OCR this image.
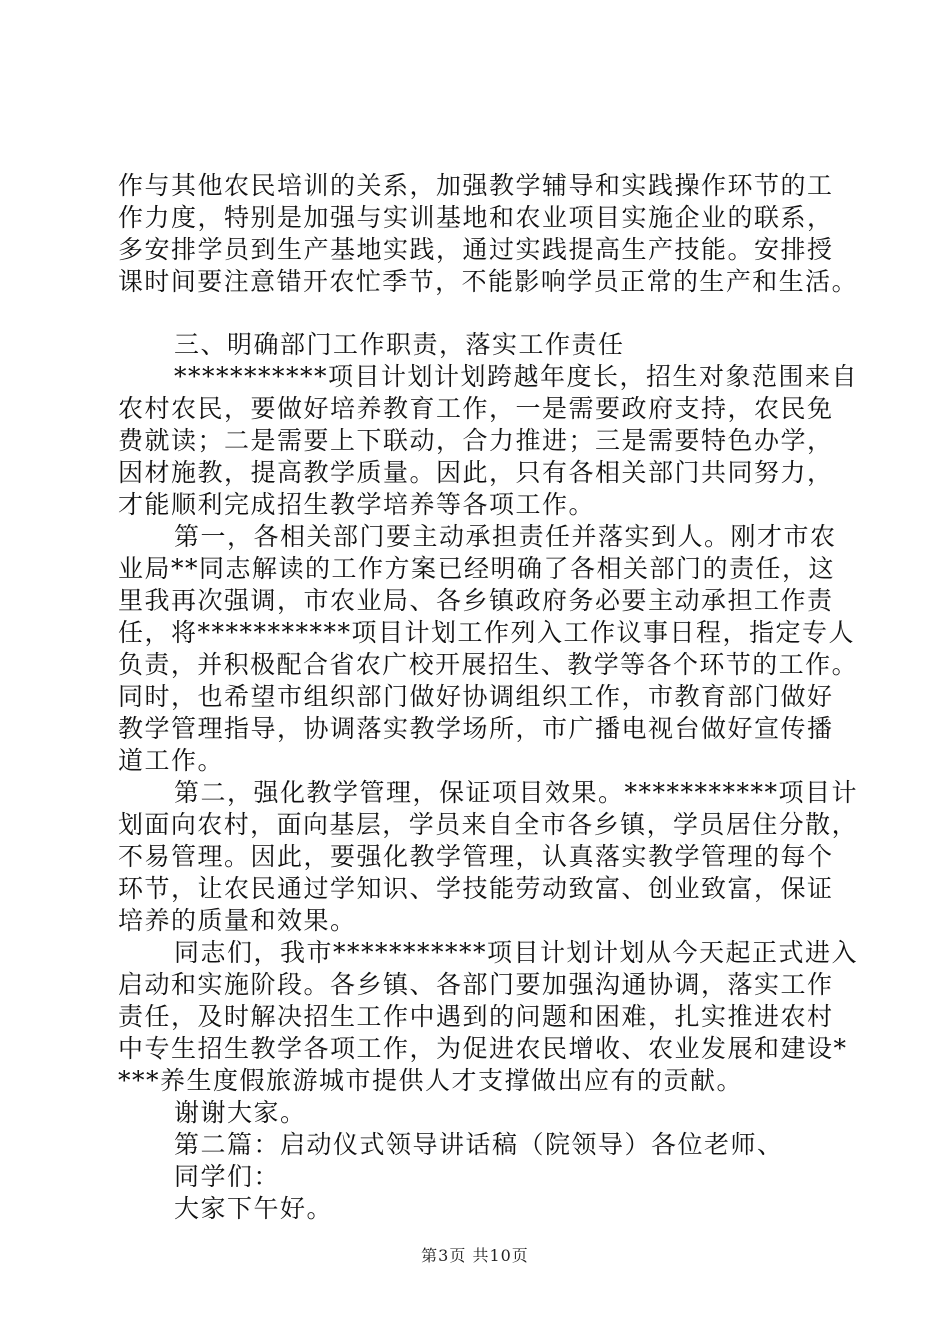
作与其他农民培训的关系，加强教学辅导和实践操作环节的工
作力度，特别是加强与实训基地和农业项目实施企业的联系，
多安排学员到生产基地实践，通过实践提高生产技能。安排授
课时间要注意错开农忙季节，不能影响学员正常的生产和生活。
三、明确部门工作职责，落实工作责任
***********项目计划计划跨越年度长，招生对象范围来自
农村农民，要做好培养教育工作，一是需要政府支持，农民免
费就读；二是需要上下联动，合力推进；三是需要特色办学，
因材施教，提高教学质量。因此，只有各相关部门共同努力，
才能顺利完成招生教学培养等各项工作。
第一，各相关部门要主动承担责任并落实到人。刚才市农
业局**同志解读的工作方案已经明确了各相关部门的责任，这
里我再次强调，市农业局、各乡镇政府务必要主动承担工作责
任，将***********项目计划工作列入工作议事日程，指定专人
负责，并积极配合省农广校开展招生、教学等各个环节的工作。
同时，也希望市组织部门做好协调组织工作，市教育部门做好
教学管理指导，协调落实教学场所，市广播电视台做好宣传播
道工作。
第二，强化教学管理，保证项目效果。***********项目计
划面向农村，面向基层，学员来自全市各乡镇，学员居住分散，
不易管理。因此，要强化教学管理，认真落实教学管理的每个
环节，让农民通过学知识、学技能劳动致富、创业致富，保证
培养的质量和效果。
同志们，我市***********项目计划计划从今天起正式进入
启动和实施阶段。各乡镇、各部门要加强沟通协调，落实工作
责任，及时解决招生工作中遇到的问题和困难，扎实推进农村
中专生招生教学各项工作，为促进农民增收、农业发展和建设*
***养生度假旅游城市提供人才支撑做出应有的贡献。
谢谢大家。
第二篇：启动仪式领导讲话稿（院领导）各位老师、
同学们：
大家下午好。
第3页 共10页
